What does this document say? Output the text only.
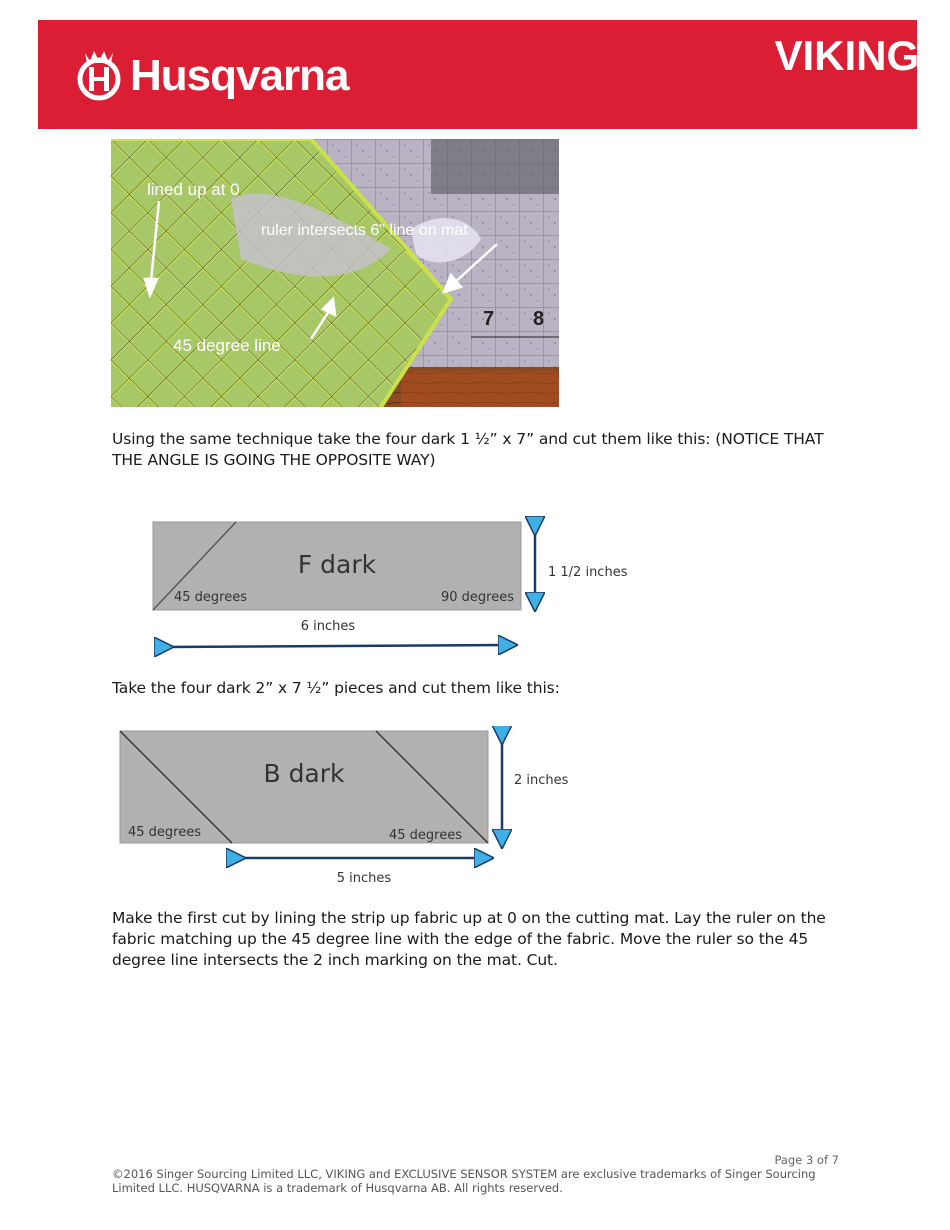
Husqvarna	VIKING ®
7 8
lined up at 0
ruler intersects 6" line on mat
45 degree line

Using the same technique take the four dark 1 ½” x 7” and cut them like this: (NOTICE THAT THE ANGLE IS GOING THE OPPOSITE WAY)

F dark
45 degrees	90 degrees
6 inches
1 1/2 inches

Take the four dark 2” x 7 ½” pieces and cut them like this:

B dark
45 degrees	45 degrees
5 inches
2 inches

Make the first cut by lining the strip up fabric up at 0 on the cutting mat. Lay the ruler on the fabric matching up the 45 degree line with the edge of the fabric. Move the ruler so the 45 degree line intersects the 2 inch marking on the mat. Cut.

Page 3 of 7
©2016 Singer Sourcing Limited LLC, VIKING and EXCLUSIVE SENSOR SYSTEM are exclusive trademarks of Singer Sourcing Limited LLC. HUSQVARNA is a trademark of Husqvarna AB. All rights reserved.
